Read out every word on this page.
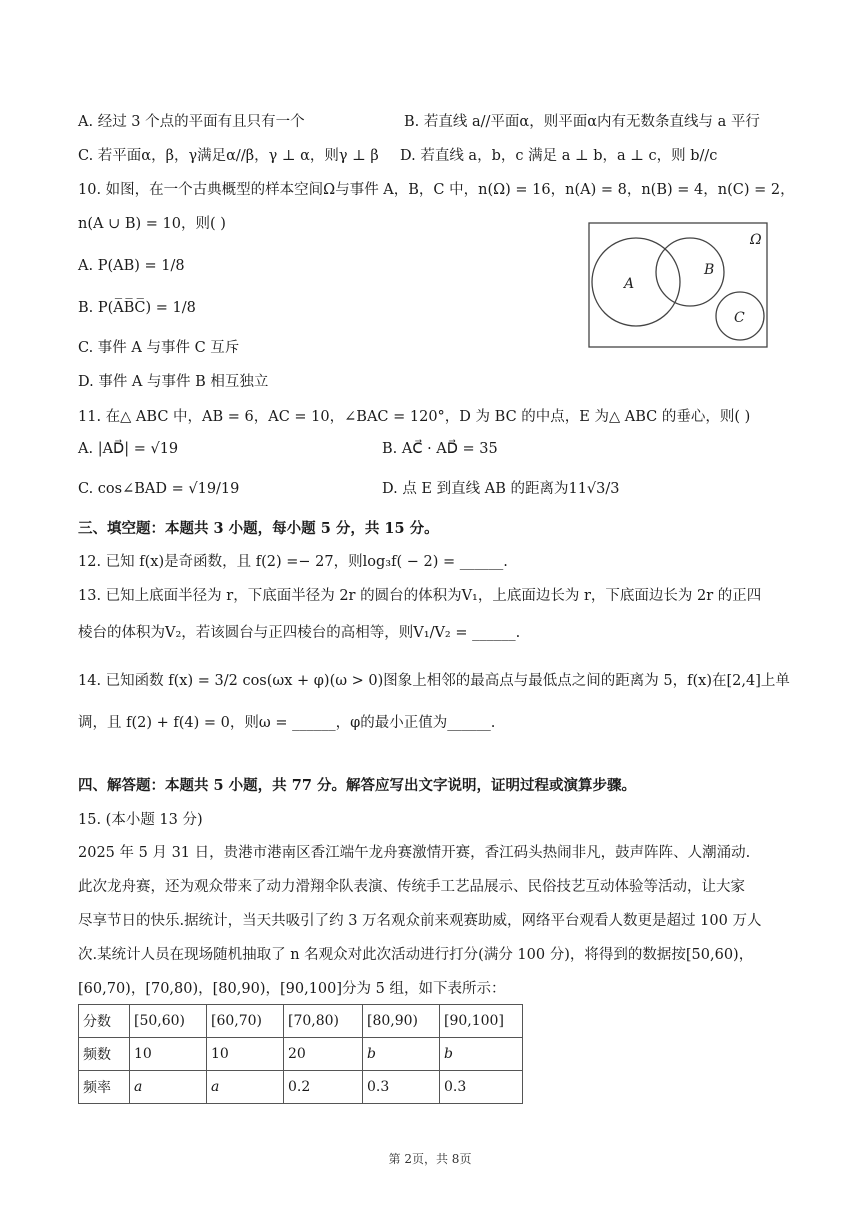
A. 经过 3 个点的平面有且只有一个	B. 若直线 a//平面α，则平面α内有无数条直线与 a 平行
C. 若平面α，β，γ满足α//β，γ ⊥ α，则γ ⊥ β D. 若直线 a，b，c 满足 a ⊥ b，a ⊥ c，则 b//c
10. 如图，在一个古典概型的样本空间Ω与事件 A，B，C 中，n(Ω) = 16，n(A) = 8，n(B) = 4，n(C) = 2，
n(A ∪ B) = 10，则( )
A. P(AB) = 1/8
B. P(A̅B̅C̅) = 1/8
C. 事件 A 与事件 C 互斥
D. 事件 A 与事件 B 相互独立
Ω
A
B
C
11. 在△ ABC 中，AB = 6，AC = 10，∠BAC = 120°，D 为 BC 的中点，E 为△ ABC 的垂心，则( )
A. |AD⃗| = √19	B. AC⃗ · AD⃗ = 35
C. cos∠BAD = √19/19	D. 点 E 到直线 AB 的距离为11√3/3
三、填空题：本题共 3 小题，每小题 5 分，共 15 分。
12. 已知 f(x)是奇函数，且 f(2) =− 27，则log₃f( − 2) = ______.
13. 已知上底面半径为 r，下底面半径为 2r 的圆台的体积为V₁，上底面边长为 r，下底面边长为 2r 的正四
棱台的体积为V₂，若该圆台与正四棱台的高相等，则V₁/V₂ = ______.
14. 已知函数 f(x) = 3/2 cos(ωx + φ)(ω > 0)图象上相邻的最高点与最低点之间的距离为 5，f(x)在[2,4]上单
调，且 f(2) + f(4) = 0，则ω = ______，φ的最小正值为______.
四、解答题：本题共 5 小题，共 77 分。解答应写出文字说明，证明过程或演算步骤。
15. (本小题 13 分)
2025 年 5 月 31 日，贵港市港南区香江端午龙舟赛激情开赛，香江码头热闹非凡，鼓声阵阵、人潮涌动.
此次龙舟赛，还为观众带来了动力滑翔伞队表演、传统手工艺品展示、民俗技艺互动体验等活动，让大家
尽享节日的快乐.据统计，当天共吸引了约 3 万名观众前来观赛助威，网络平台观看人数更是超过 100 万人
次.某统计人员在现场随机抽取了 n 名观众对此次活动进行打分(满分 100 分)，将得到的数据按[50,60)，
[60,70)，[70,80)，[80,90)，[90,100]分为 5 组，如下表所示：
分数	[50,60)	[60,70)	[70,80)	[80,90)	[90,100]
频数	10	10	20	b	b
频率	a	a	0.2	0.3	0.3
第 2页，共 8页
